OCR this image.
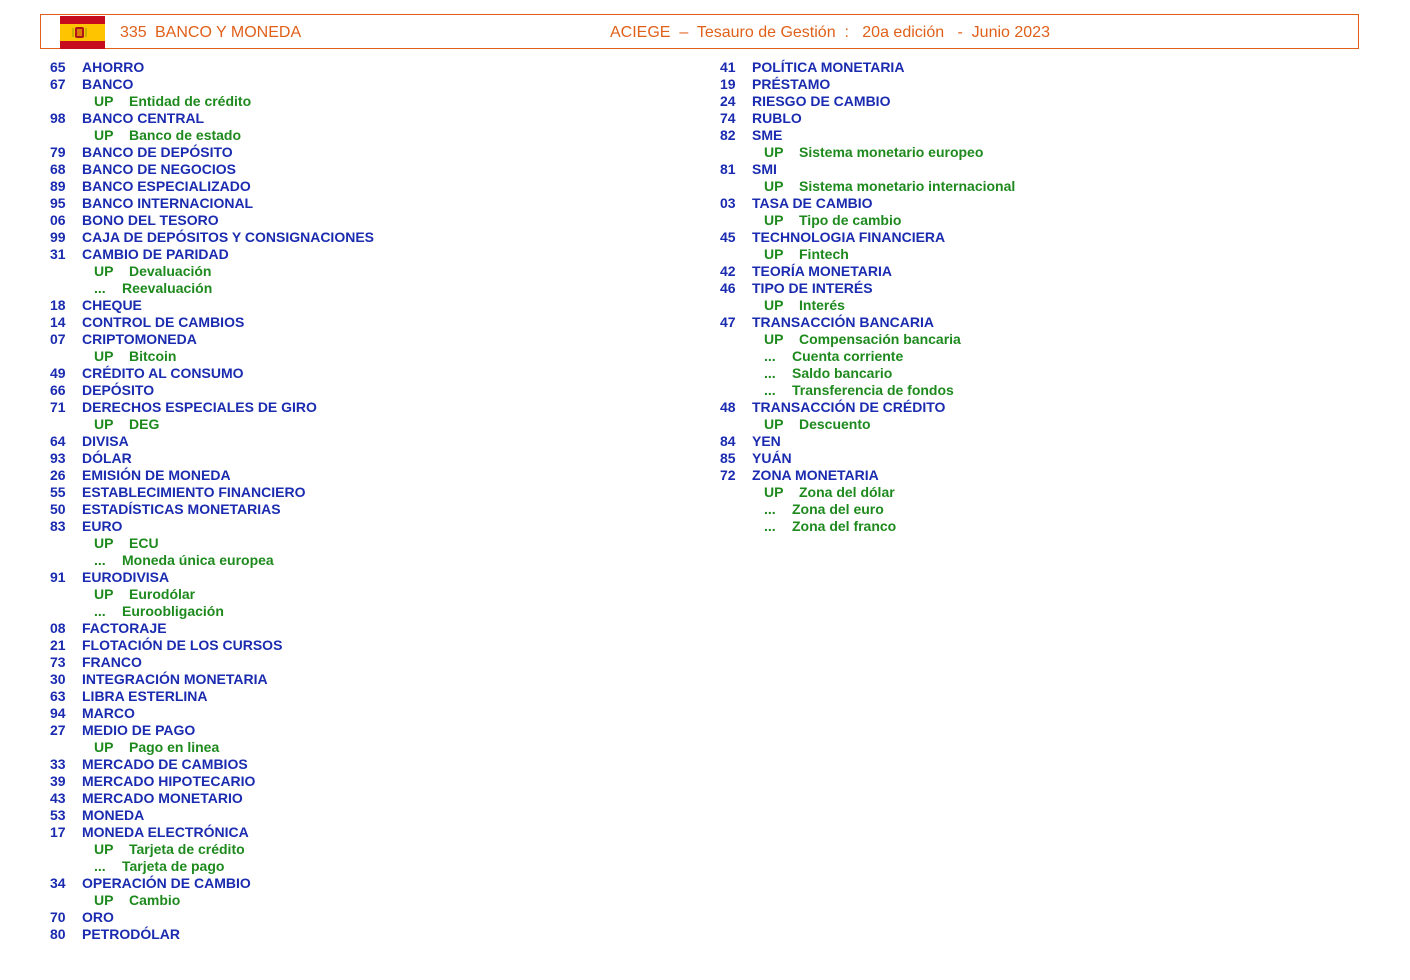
335 BANCO Y MONEDA	ACIEGE  –  Tesauro de Gestión  :   20a edición   -  Junio 2023
65 AHORRO
67 BANCO
UP Entidad de crédito
98 BANCO CENTRAL
UP Banco de estado
79 BANCO DE DEPÓSITO
68 BANCO DE NEGOCIOS
89 BANCO ESPECIALIZADO
95 BANCO INTERNACIONAL
06 BONO DEL TESORO
99 CAJA DE DEPÓSITOS Y CONSIGNACIONES
31 CAMBIO DE PARIDAD
UP Devaluación
... Reevaluación
18 CHEQUE
14 CONTROL DE CAMBIOS
07 CRIPTOMONEDA
UP Bitcoin
49 CRÉDITO AL CONSUMO
66 DEPÓSITO
71 DERECHOS ESPECIALES DE GIRO
UP DEG
64 DIVISA
93 DÓLAR
26 EMISIÓN DE MONEDA
55 ESTABLECIMIENTO FINANCIERO
50 ESTADÍSTICAS MONETARIAS
83 EURO
UP ECU
... Moneda única europea
91 EURODIVISA
UP Eurodólar
... Euroobligación
08 FACTORAJE
21 FLOTACIÓN DE LOS CURSOS
73 FRANCO
30 INTEGRACIÓN MONETARIA
63 LIBRA ESTERLINA
94 MARCO
27 MEDIO DE PAGO
UP Pago en linea
33 MERCADO DE CAMBIOS
39 MERCADO HIPOTECARIO
43 MERCADO MONETARIO
53 MONEDA
17 MONEDA ELECTRÓNICA
UP Tarjeta de crédito
... Tarjeta de pago
34 OPERACIÓN DE CAMBIO
UP Cambio
70 ORO
80 PETRODÓLAR
41 POLÍTICA MONETARIA
19 PRÉSTAMO
24 RIESGO DE CAMBIO
74 RUBLO
82 SME
UP Sistema monetario europeo
81 SMI
UP Sistema monetario internacional
03 TASA DE CAMBIO
UP Tipo de cambio
45 TECHNOLOGIA FINANCIERA
UP Fintech
42 TEORÍA MONETARIA
46 TIPO DE INTERÉS
UP Interés
47 TRANSACCIÓN BANCARIA
UP Compensación bancaria
... Cuenta corriente
... Saldo bancario
... Transferencia de fondos
48 TRANSACCIÓN DE CRÉDITO
UP Descuento
84 YEN
85 YUÁN
72 ZONA MONETARIA
UP Zona del dólar
... Zona del euro
... Zona del franco
